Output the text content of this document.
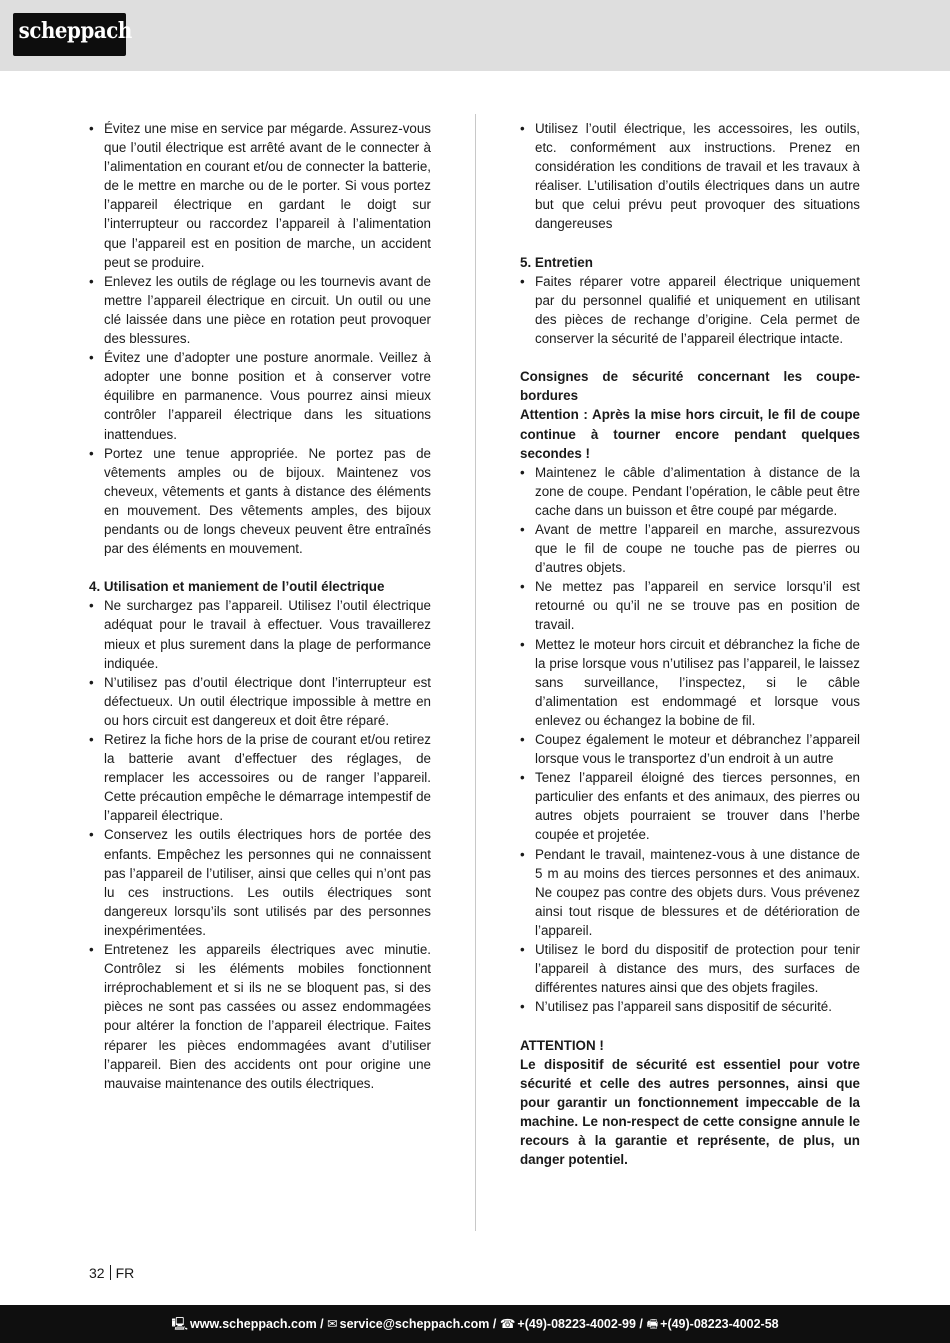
scheppach
• Évitez une mise en service par mégarde. Assurez-vous que l’outil électrique est arrêté avant de le connecter à l’alimentation en courant et/ou de connecter la batterie, de le mettre en marche ou de le porter. Si vous portez l’appareil électrique en gardant le doigt sur l’interrupteur ou raccordez l’appareil à l’alimentation que l’appareil est en position de marche, un accident peut se produire.
• Enlevez les outils de réglage ou les tournevis avant de mettre l’appareil électrique en circuit. Un outil ou une clé laissée dans une pièce en rotation peut provoquer des blessures.
• Évitez une d’adopter une posture anormale. Veillez à adopter une bonne position et à conserver votre équilibre en parmanence. Vous pourrez ainsi mieux contrôler l’appareil électrique dans les situations inattendues.
• Portez une tenue appropriée. Ne portez pas de vêtements amples ou de bijoux. Maintenez vos cheveux, vêtements et gants à distance des éléments en mouvement. Des vêtements amples, des bijoux pendants ou de longs cheveux peuvent être entraînés par des éléments en mouvement.

4. Utilisation et maniement de l’outil électrique

• Ne surchargez pas l’appareil. Utilisez l’outil électrique adéquat pour le travail à effectuer. Vous travaillerez mieux et plus surement dans la plage de performance indiquée.
• N’utilisez pas d’outil électrique dont l’interrupteur est défectueux. Un outil électrique impossible à mettre en ou hors circuit est dangereux et doit être réparé.
• Retirez la fiche hors de la prise de courant et/ou retirez la batterie avant d’effectuer des réglages, de remplacer les accessoires ou de ranger l’appareil. Cette précaution empêche le démarrage intempestif de l’appareil électrique.
• Conservez les outils électriques hors de portée des enfants. Empêchez les personnes qui ne connaissent pas l’appareil de l’utiliser, ainsi que celles qui n’ont pas lu ces instructions. Les outils électriques sont dangereux lorsqu’ils sont utilisés par des personnes inexpérimentées.
• Entretenez les appareils électriques avec minutie. Contrôlez si les éléments mobiles fonctionnent irréprochablement et si ils ne se bloquent pas, si des pièces ne sont pas cassées ou assez endommagées pour altérer la fonction de l’appareil électrique. Faites réparer les pièces endommagées avant d’utiliser l’appareil. Bien des accidents ont pour origine une mauvaise maintenance des outils électriques.
• Utilisez l’outil électrique, les accessoires, les outils, etc. conformément aux instructions. Prenez en considération les conditions de travail et les travaux à réaliser. L’utilisation d’outils électriques dans un autre but que celui prévu peut provoquer des situations dangereuses

5. Entretien

• Faites réparer votre appareil électrique uniquement par du personnel qualifié et uniquement en utilisant des pièces de rechange d’origine. Cela permet de conserver la sécurité de l’appareil électrique intacte.

Consignes de sécurité concernant les coupe-bordures

Attention : Après la mise hors circuit, le fil de coupe continue à tourner encore pendant quelques secondes !

• Maintenez le câble d’alimentation à distance de la zone de coupe. Pendant l’opération, le câble peut être cache dans un buisson et être coupé par mégarde.
• Avant de mettre l’appareil en marche, assurezvous que le fil de coupe ne touche pas de pierres ou d’autres objets.
• Ne mettez pas l’appareil en service lorsqu’il est retourné ou qu’il ne se trouve pas en position de travail.
• Mettez le moteur hors circuit et débranchez la fiche de la prise lorsque vous n’utilisez pas l’appareil, le laissez sans surveillance, l’inspectez, si le câble d’alimentation est endommagé et lorsque vous enlevez ou échangez la bobine de fil.
• Coupez également le moteur et débranchez l’appareil lorsque vous le transportez d’un endroit à un autre
• Tenez l’appareil éloigné des tierces personnes, en particulier des enfants et des animaux, des pierres ou autres objets pourraient se trouver dans l’herbe coupée et projetée.
• Pendant le travail, maintenez-vous à une distance de 5 m au moins des tierces personnes et des animaux. Ne coupez pas contre des objets durs. Vous prévenez ainsi tout risque de blessures et de détérioration de l’appareil.
• Utilisez le bord du dispositif de protection pour tenir l’appareil à distance des murs, des surfaces de différentes natures ainsi que des objets fragiles.
• N’utilisez pas l’appareil sans dispositif de sécurité.

ATTENTION !

Le dispositif de sécurité est essentiel pour votre sécurité et celle des autres personnes, ainsi que pour garantir un fonctionnement impeccable de la machine. Le non-respect de cette consigne annule le recours à la garantie et représente, de plus, un danger potentiel.

32 FR
🖳︎ www.scheppach.com / ✉︎ service@scheppach.com / ☎︎ +(49)-08223-4002-99 / 🖷︎ +(49)-08223-4002-58
